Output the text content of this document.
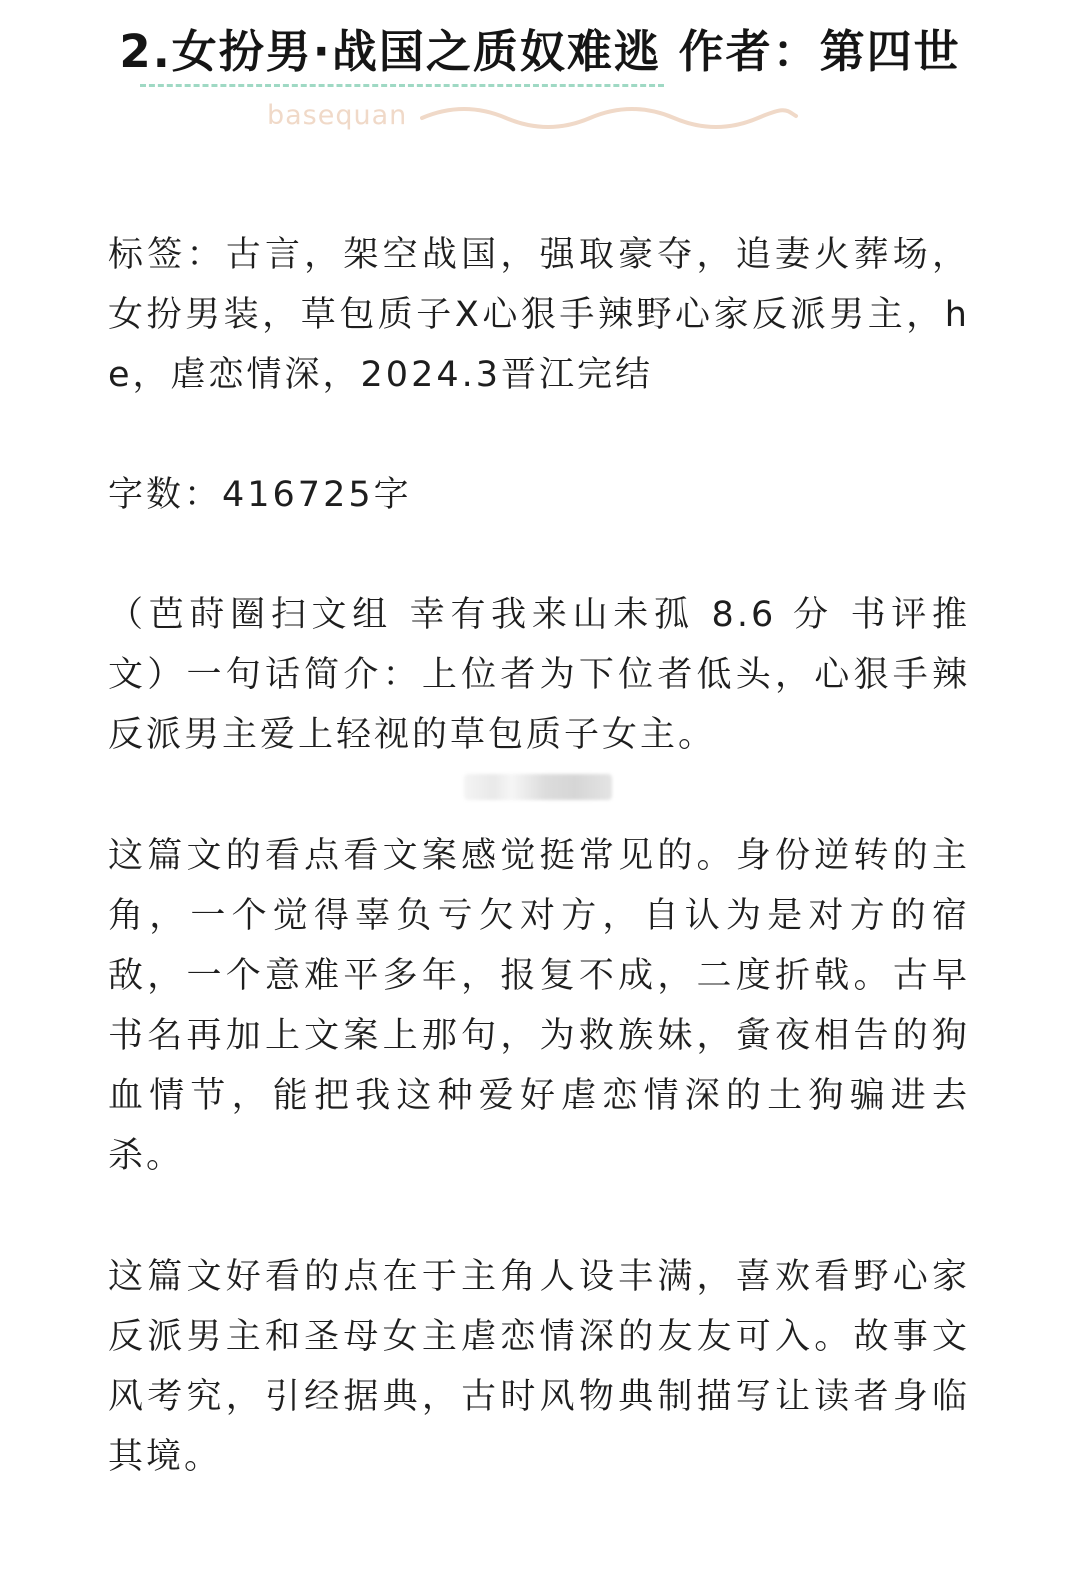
2.女扮男·战国之质奴难逃 作者：第四世
basequan

标签：古言，架空战国，强取豪夺，追妻火葬场，女扮男装，草包质子X心狠手辣野心家反派男主，he，虐恋情深，2024.3晋江完结

字数：416725字

（芭莳圈扫文组 幸有我来山未孤 8.6 分 书评推文）一句话简介：上位者为下位者低头，心狠手辣反派男主爱上轻视的草包质子女主。

这篇文的看点看文案感觉挺常见的。身份逆转的主角，一个觉得辜负亏欠对方，自认为是对方的宿敌，一个意难平多年，报复不成，二度折戟。古早书名再加上文案上那句，为救族妹，夤夜相告的狗血情节，能把我这种爱好虐恋情深的土狗骗进去杀。

这篇文好看的点在于主角人设丰满，喜欢看野心家反派男主和圣母女主虐恋情深的友友可入。故事文风考究，引经据典，古时风物典制描写让读者身临其境。
